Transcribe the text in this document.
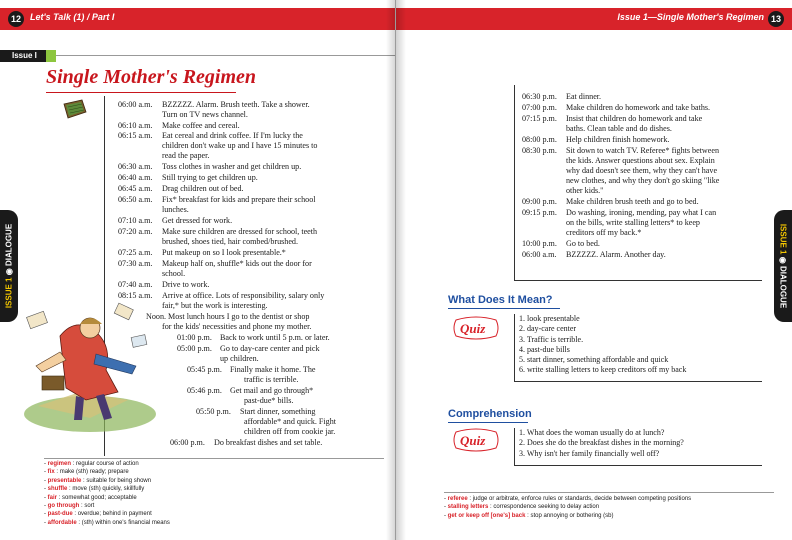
12	Let's Talk (1) / Part I
Issue I
Single Mother's Regimen
ISSUE 1 ◉ DIALOGUE
06:00 a.m. BZZZZZ. Alarm. Brush teeth. Take a shower.
Turn on TV news channel.
06:10 a.m. Make coffee and cereal.
06:15 a.m. Eat cereal and drink coffee. If I'm lucky the
children don't wake up and I have 15 minutes to
read the paper.
06:30 a.m. Toss clothes in washer and get children up.
06:40 a.m. Still trying to get children up.
06:45 a.m. Drag children out of bed.
06:50 a.m. Fix* breakfast for kids and prepare their school
lunches.
07:10 a.m. Get dressed for work.
07:20 a.m. Make sure children are dressed for school, teeth
brushed, shoes tied, hair combed/brushed.
07:25 a.m. Put makeup on so I look presentable.*
07:30 a.m. Makeup half on, shuffle* kids out the door for
school.
07:40 a.m. Drive to work.
08:15 a.m. Arrive at office. Lots of responsibility, salary only
fair,* but the work is interesting.
Noon. Most lunch hours I go to the dentist or shop
for the kids' necessities and phone my mother.
01:00 p.m. Back to work until 5 p.m. or later.
05:00 p.m. Go to day-care center and pick
up children.
05:45 p.m. Finally make it home. The
traffic is terrible.
05:46 p.m. Get mail and go through*
past-due* bills.
05:50 p.m. Start dinner, something
affordable* and quick. Fight
children off from cookie jar.
06:00 p.m. Do breakfast dishes and set table.
- regimen : regular course of action
- fix : make (sth) ready; prepare
- presentable : suitable for being shown
- shuffle : move (sth) quickly, skillfully
- fair : somewhat good; acceptable
- go through : sort
- past-due : overdue; behind in payment
- affordable : (sth) within one's financial means
Issue 1—Single Mother's Regimen 13
ISSUE 1 ◉ DIALOGUE
06:30 p.m. Eat dinner.
07:00 p.m. Make children do homework and take baths.
07:15 p.m. Insist that children do homework and take
baths. Clean table and do dishes.
08:00 p.m. Help children finish homework.
08:30 p.m. Sit down to watch TV. Referee* fights between
the kids. Answer questions about sex. Explain
why dad doesn't see them, why they can't have
new clothes, and why they don't go skiing "like
other kids."
09:00 p.m. Make children brush teeth and go to bed.
09:15 p.m. Do washing, ironing, mending, pay what I can
on the bills, write stalling letters* to keep
creditors off my back.*
10:00 p.m. Go to bed.
06:00 a.m. BZZZZZ. Alarm. Another day.
What Does It Mean?
Quiz
1. look presentable
2. day-care center
3. Traffic is terrible.
4. past-due bills
5. start dinner, something affordable and quick
6. write stalling letters to keep creditors off my back
Comprehension
Quiz
1. What does the woman usually do at lunch?
2. Does she do the breakfast dishes in the morning?
3. Why isn't her family financially well off?
- referee : judge or arbitrate, enforce rules or standards, decide between competing positions
- stalling letters : correspondence seeking to delay action
- get or keep off [one's] back : stop annoying or bothering (sb)
